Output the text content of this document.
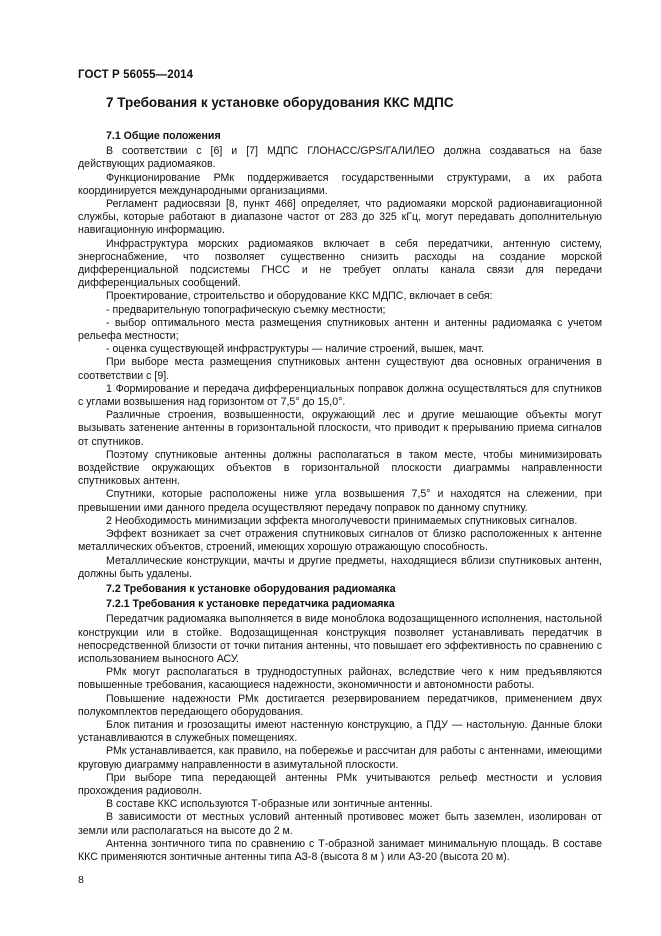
ГОСТ Р 56055—2014
7 Требования к установке оборудования ККС МДПС

7.1 Общие положения

В соответствии с [6] и [7] МДПС ГЛОНАСС/GPS/ГАЛИЛЕО должна создаваться на базе действующих радиомаяков.

Функционирование РМк поддерживается государственными структурами, а их работа координируется международными организациями.

Регламент радиосвязи [8, пункт 466] определяет, что радиомаяки морской радионавигационной службы, которые работают в диапазоне частот от 283 до 325 кГц, могут передавать дополнительную навигационную информацию.

Инфраструктура морских радиомаяков включает в себя передатчики, антенную систему, энергоснабжение, что позволяет существенно снизить расходы на создание морской дифференциальной подсистемы ГНСС и не требует оплаты канала связи для передачи дифференциальных сообщений.

Проектирование, строительство и оборудование ККС МДПС, включает в себя:

- предварительную топографическую съемку местности;

- выбор оптимального места размещения спутниковых антенн и антенны радиомаяка с учетом рельефа местности;

- оценка существующей инфраструктуры — наличие строений, вышек, мачт.

При выборе места размещения спутниковых антенн существуют два основных ограничения в соответствии с [9].

1 Формирование и передача дифференциальных поправок должна осуществляться для спутников с углами возвышения над горизонтом от 7,5° до 15,0°.

Различные строения, возвышенности, окружающий лес и другие мешающие объекты могут вызывать затенение антенны в горизонтальной плоскости, что приводит к прерыванию приема сигналов от спутников.

Поэтому спутниковые антенны должны располагаться в таком месте, чтобы минимизировать воздействие окружающих объектов в горизонтальной плоскости диаграммы направленности спутниковых антенн.

Спутники, которые расположены ниже угла возвышения 7,5° и находятся на слежении, при превышении ими данного предела осуществляют передачу поправок по данному спутнику.

2 Необходимость минимизации эффекта многолучевости принимаемых спутниковых сигналов.

Эффект возникает за счет отражения спутниковых сигналов от близко расположенных к антенне металлических объектов, строений, имеющих хорошую отражающую способность.

Металлические конструкции, мачты и другие предметы, находящиеся вблизи спутниковых антенн, должны быть удалены.

7.2 Требования к установке оборудования радиомаяка

7.2.1 Требования к установке передатчика радиомаяка

Передатчик радиомаяка выполняется в виде моноблока водозащищенного исполнения, настольной конструкции или в стойке. Водозащищенная конструкция позволяет устанавливать передатчик в непосредственной близости от точки питания антенны, что повышает его эффективность по сравнению с использованием выносного АСУ.

РМк могут располагаться в труднодоступных районах, вследствие чего к ним предъявляются повышенные требования, касающиеся надежности, экономичности и автономности работы.

Повышение надежности РМк достигается резервированием передатчиков, применением двух полукомплектов передающего оборудования.

Блок питания и грозозащиты имеют настенную конструкцию, а ПДУ — настольную. Данные блоки устанавливаются в служебных помещениях.

РМк устанавливается, как правило, на побережье и рассчитан для работы с антеннами, имеющими круговую диаграмму направленности в азимутальной плоскости.

При выборе типа передающей антенны РМк учитываются рельеф местности и условия прохождения радиоволн.

В составе ККС используются Т-образные или зонтичные антенны.

В зависимости от местных условий антенный противовес может быть заземлен, изолирован от земли или располагаться на высоте до 2 м.

Антенна зонтичного типа по сравнению с Т-образной занимает минимальную площадь. В составе ККС применяются зонтичные антенны типа АЗ-8 (высота 8 м ) или АЗ-20 (высота 20 м).

8
